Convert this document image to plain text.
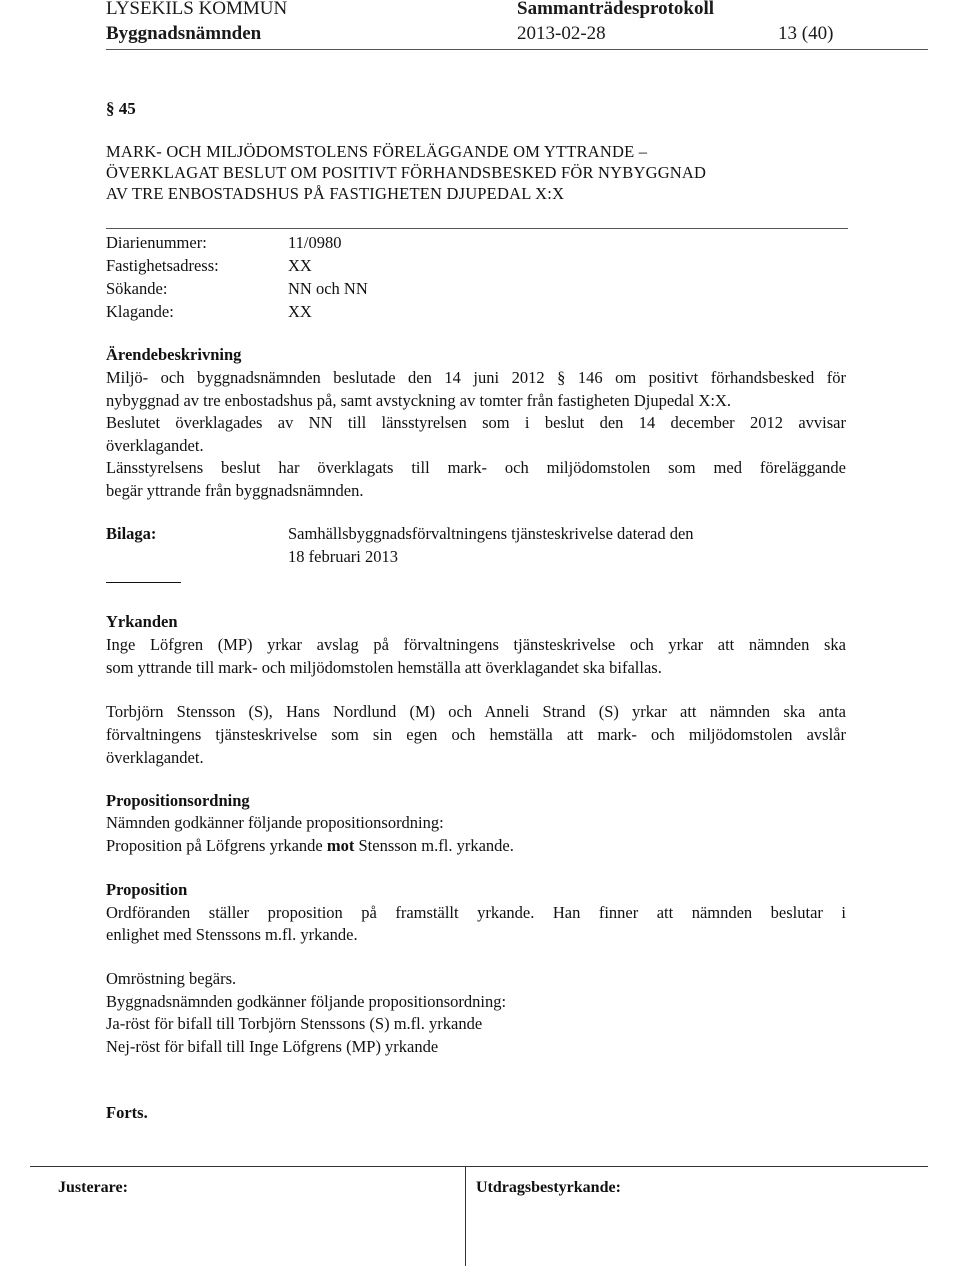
LYSEKILS KOMMUN	Sammanträdesprotokoll
Byggnadsnämnden	2013-02-28	13 (40)
§ 45
MARK- OCH MILJÖDOMSTOLENS FÖRELÄGGANDE OM YTTRANDE –
ÖVERKLAGAT BESLUT OM POSITIVT FÖRHANDSBESKED FÖR NYBYGGNAD
AV TRE ENBOSTADSHUS PÅ FASTIGHETEN DJUPEDAL X:X
Diarienummer:	11/0980
Fastighetsadress:	XX
Sökande:	NN och NN
Klagande:	XX
Ärendebeskrivning
Miljö- och byggnadsnämnden beslutade den 14 juni 2012 § 146 om positivt förhandsbesked för
nybyggnad av tre enbostadshus på, samt avstyckning av tomter från fastigheten Djupedal X:X.
Beslutet överklagades av NN till länsstyrelsen som i beslut den 14 december 2012 avvisar
överklagandet.
Länsstyrelsens beslut har överklagats till mark- och miljödomstolen som med föreläggande
begär yttrande från byggnadsnämnden.
Bilaga:	Samhällsbyggnadsförvaltningens tjänsteskrivelse daterad den
18 februari 2013
Yrkanden
Inge Löfgren (MP) yrkar avslag på förvaltningens tjänsteskrivelse och yrkar att nämnden ska
som yttrande till mark- och miljödomstolen hemställa att överklagandet ska bifallas.
Torbjörn Stensson (S), Hans Nordlund (M) och Anneli Strand (S) yrkar att nämnden ska anta
förvaltningens tjänsteskrivelse som sin egen och hemställa att mark- och miljödomstolen avslår
överklagandet.
Propositionsordning
Nämnden godkänner följande propositionsordning:
Proposition på Löfgrens yrkande mot Stensson m.fl. yrkande.
Proposition
Ordföranden ställer proposition på framställt yrkande. Han finner att nämnden beslutar i
enlighet med Stenssons m.fl. yrkande.
Omröstning begärs.
Byggnadsnämnden godkänner följande propositionsordning:
Ja-röst för bifall till Torbjörn Stenssons (S) m.fl. yrkande
Nej-röst för bifall till Inge Löfgrens (MP) yrkande
Forts.
Justerare:	Utdragsbestyrkande:
